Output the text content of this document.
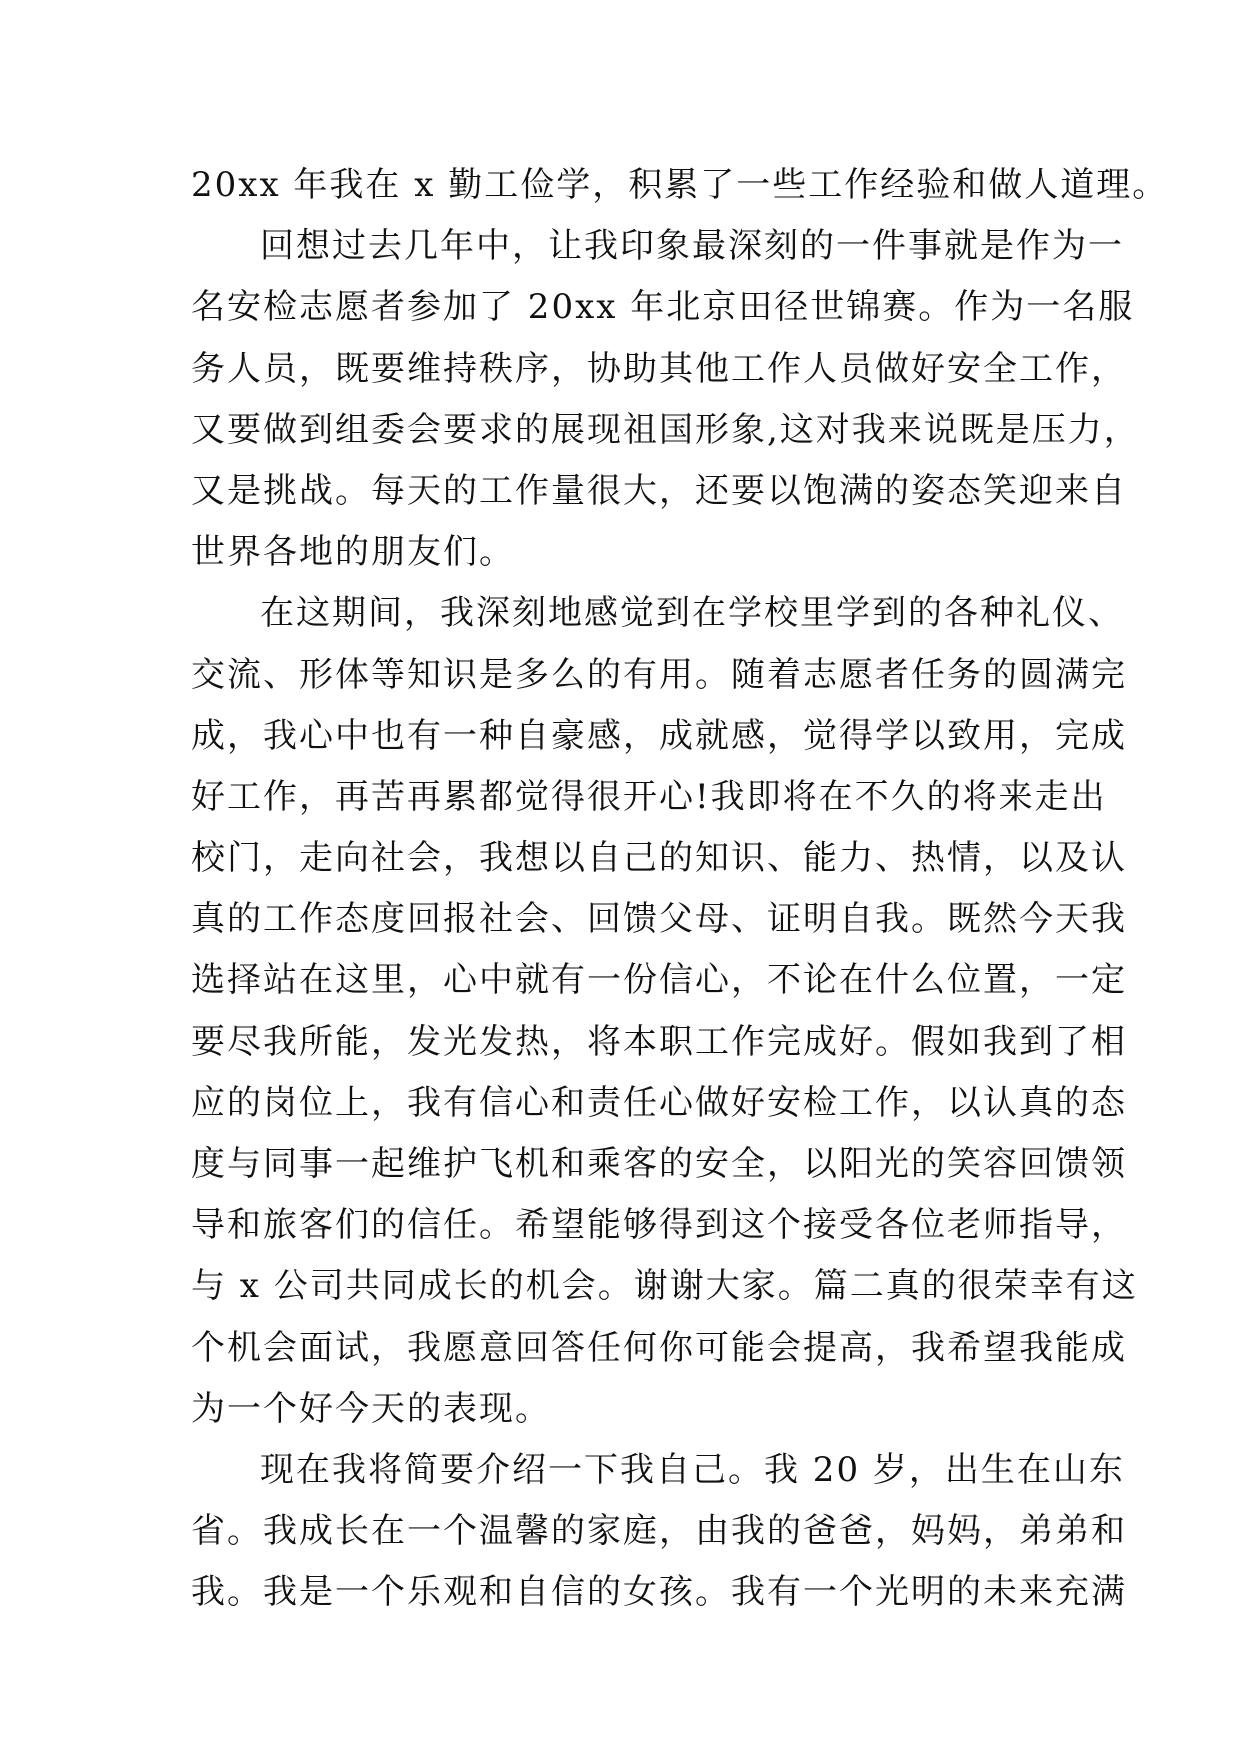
20xx 年我在 x 勤工俭学，积累了一些工作经验和做人道理。
回想过去几年中，让我印象最深刻的一件事就是作为一
名安检志愿者参加了 20xx 年北京田径世锦赛。作为一名服
务人员，既要维持秩序，协助其他工作人员做好安全工作，
又要做到组委会要求的展现祖国形象,这对我来说既是压力，
又是挑战。每天的工作量很大，还要以饱满的姿态笑迎来自
世界各地的朋友们。
在这期间，我深刻地感觉到在学校里学到的各种礼仪、
交流、形体等知识是多么的有用。随着志愿者任务的圆满完
成，我心中也有一种自豪感，成就感，觉得学以致用，完成
好工作，再苦再累都觉得很开心!我即将在不久的将来走出
校门，走向社会，我想以自己的知识、能力、热情，以及认
真的工作态度回报社会、回馈父母、证明自我。既然今天我
选择站在这里，心中就有一份信心，不论在什么位置，一定
要尽我所能，发光发热，将本职工作完成好。假如我到了相
应的岗位上，我有信心和责任心做好安检工作，以认真的态
度与同事一起维护飞机和乘客的安全，以阳光的笑容回馈领
导和旅客们的信任。希望能够得到这个接受各位老师指导，
与 x 公司共同成长的机会。谢谢大家。篇二真的很荣幸有这
个机会面试，我愿意回答任何你可能会提高，我希望我能成
为一个好今天的表现。
现在我将简要介绍一下我自己。我 20 岁，出生在山东
省。我成长在一个温馨的家庭，由我的爸爸，妈妈，弟弟和
我。我是一个乐观和自信的女孩。我有一个光明的未来充满
